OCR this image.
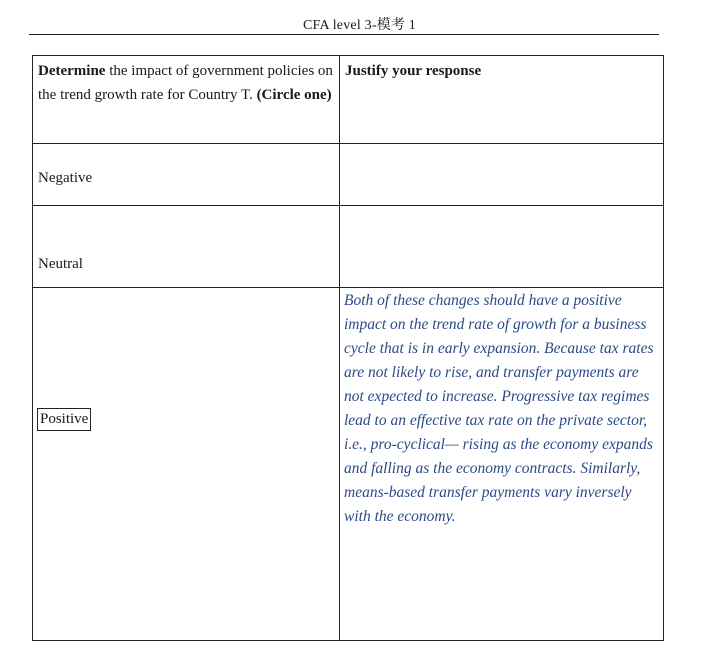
CFA level 3-模考 1
Determine the impact of government policies on the trend growth rate for Country T. (Circle one)	Justify your response

Negative	

Neutral	

Positive	Both of these changes should have a positive impact on the trend rate of growth for a business cycle that is in early expansion. Because tax rates are not likely to rise, and transfer payments are not expected to increase. Progressive tax regimes lead to an effective tax rate on the private sector, i.e., pro-cyclical— rising as the economy expands and falling as the economy contracts. Similarly, means-based transfer payments vary inversely with the economy.
